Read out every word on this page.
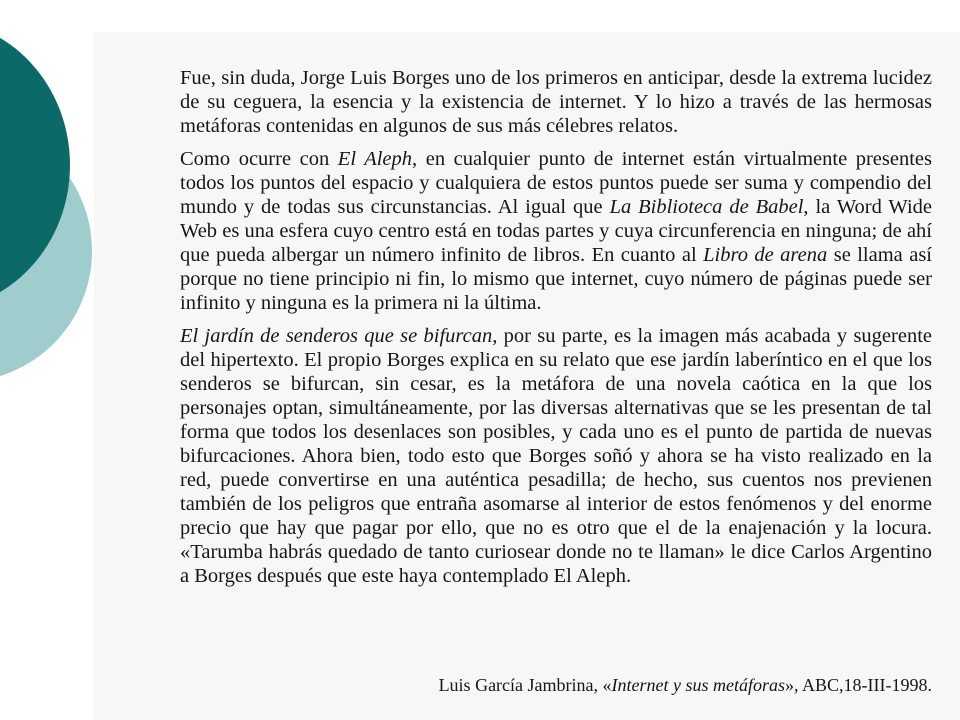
Fue, sin duda, Jorge Luis Borges uno de los primeros en anticipar, desde la extrema lucidez de su ceguera, la esencia y la existencia de internet. Y lo hizo a través de las hermosas metáforas contenidas en algunos de sus más célebres relatos.

Como ocurre con El Aleph, en cualquier punto de internet están virtualmente presentes todos los puntos del espacio y cualquiera de estos puntos puede ser suma y compendio del mundo y de todas sus circunstancias. Al igual que La Biblioteca de Babel, la Word Wide Web es una esfera cuyo centro está en todas partes y cuya circunferencia en ninguna; de ahí que pueda albergar un número infinito de libros. En cuanto al Libro de arena se llama así porque no tiene principio ni fin, lo mismo que internet, cuyo número de páginas puede ser infinito y ninguna es la primera ni la última.

El jardín de senderos que se bifurcan, por su parte, es la imagen más acabada y sugerente del hipertexto. El propio Borges explica en su relato que ese jardín laberíntico en el que los senderos se bifurcan, sin cesar, es la metáfora de una novela caótica en la que los personajes optan, simultáneamente, por las diversas alternativas que se les presentan de tal forma que todos los desenlaces son posibles, y cada uno es el punto de partida de nuevas bifurcaciones. Ahora bien, todo esto que Borges soñó y ahora se ha visto realizado en la red, puede convertirse en una auténtica pesadilla; de hecho, sus cuentos nos previenen también de los peligros que entraña asomarse al interior de estos fenómenos y del enorme precio que hay que pagar por ello, que no es otro que el de la enajenación y la locura. «Tarumba habrás quedado de tanto curiosear donde no te llaman» le dice Carlos Argentino a Borges después que este haya contemplado El Aleph.

Luis García Jambrina, «Internet y sus metáforas», ABC,18-III-1998.
